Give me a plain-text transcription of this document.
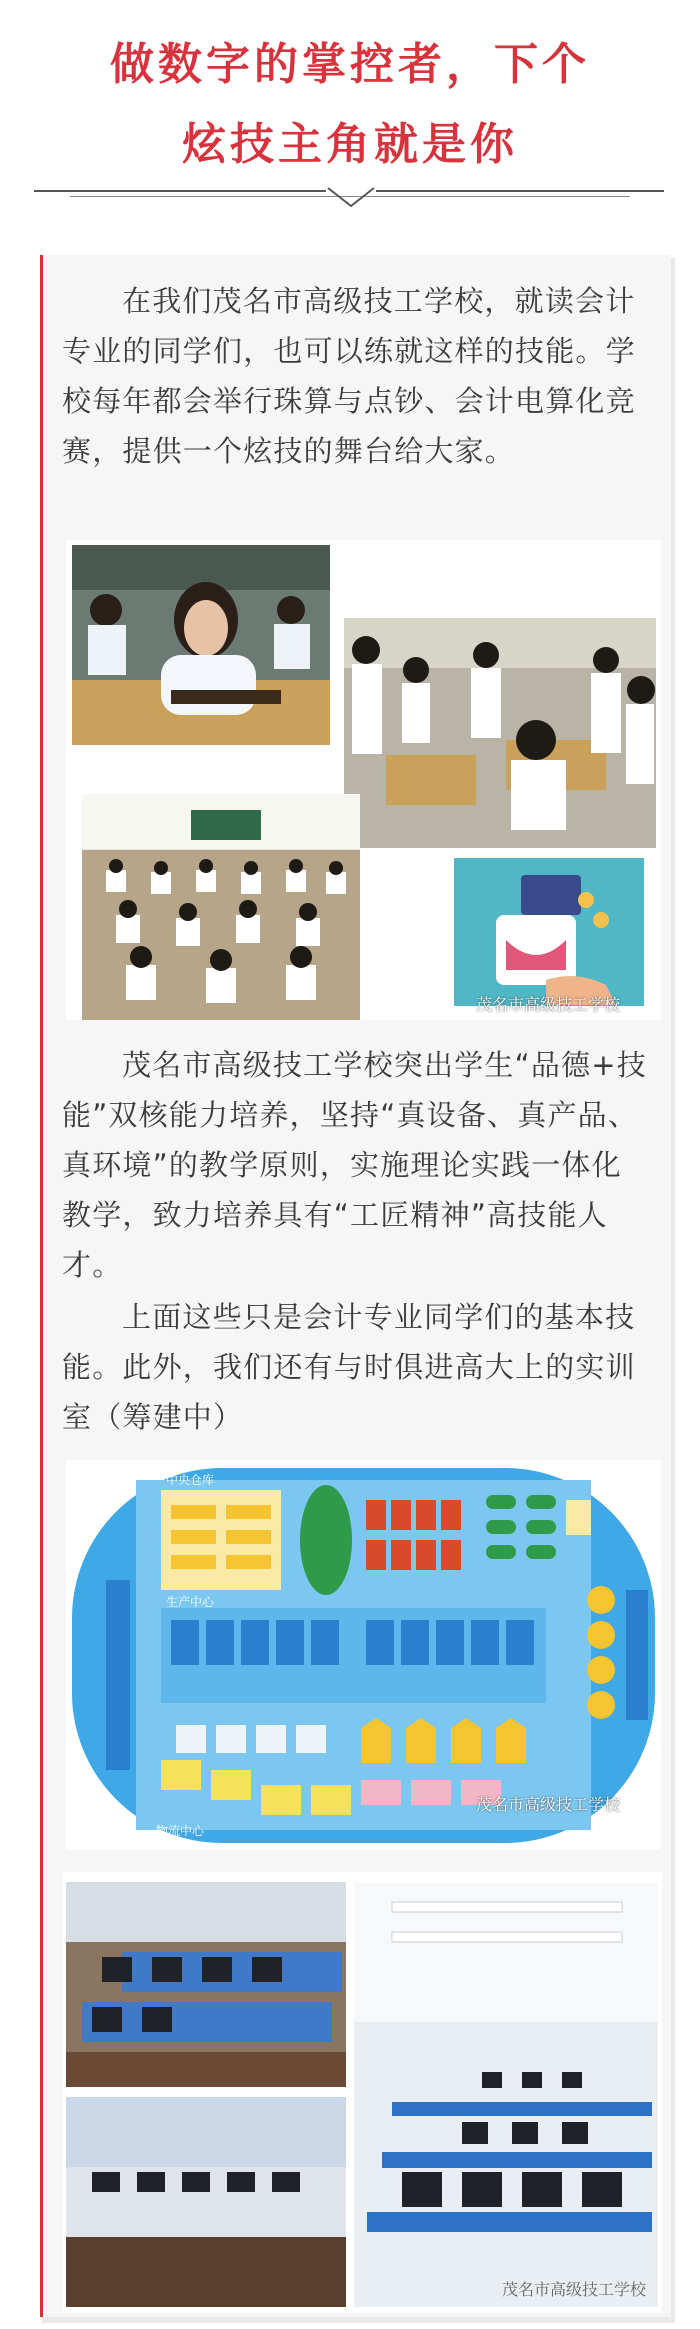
做数字的掌控者，下个
炫技主角就是你
在我们茂名市高级技工学校，就读会计专业的同学们，也可以练就这样的技能。学校每年都会举行珠算与点钞、会计电算化竞赛，提供一个炫技的舞台给大家。
茂名市高级技工学校
茂名市高级技工学校突出学生“品德+技能”双核能力培养，坚持“真设备、真产品、真环境”的教学原则，实施理论实践一体化教学，致力培养具有“工匠精神”高技能人才。
上面这些只是会计专业同学们的基本技能。此外，我们还有与时俱进高大上的实训室（筹建中）
中央仓库
生产中心
物流中心
茂名市高级技工学校
茂名市高级技工学校
